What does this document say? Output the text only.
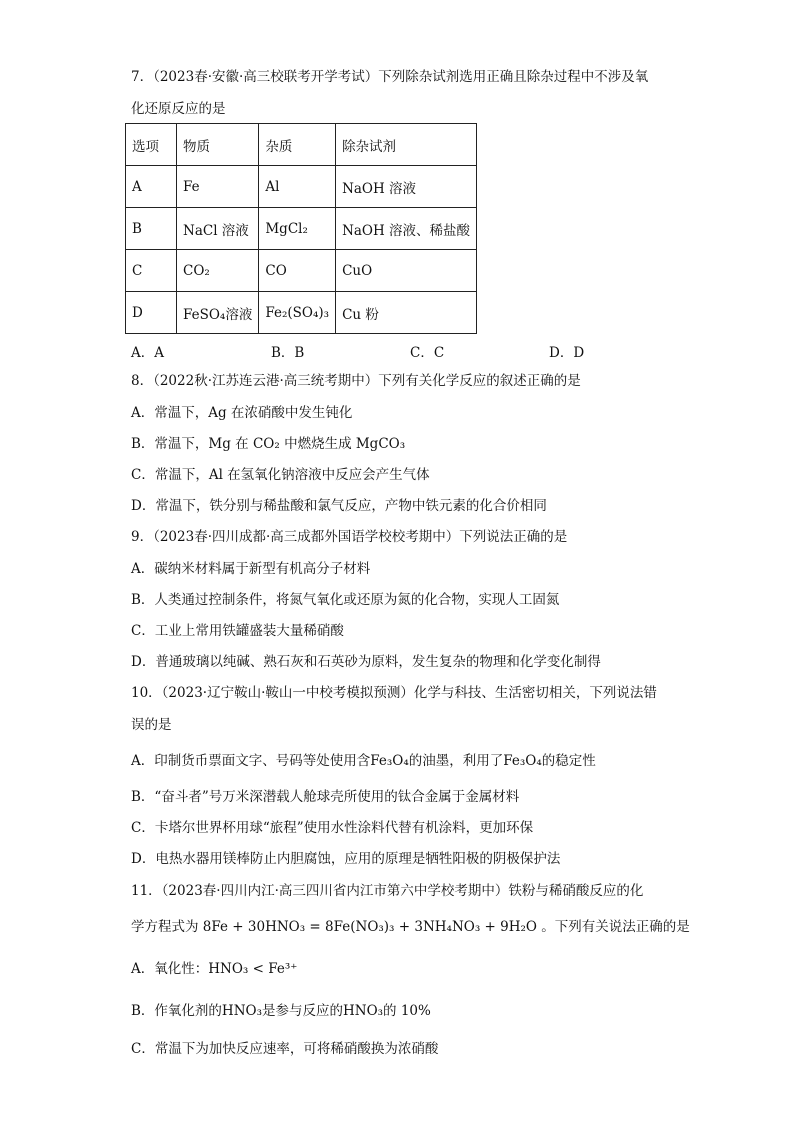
7．（2023春·安徽·高三校联考开学考试）下列除杂试剂选用正确且除杂过程中不涉及氧
化还原反应的是
选项	物质	杂质	除杂试剂
A	Fe	Al	NaOH 溶液
B	NaCl 溶液	MgCl₂	NaOH 溶液、稀盐酸
C	CO₂	CO	CuO
D	FeSO₄溶液	Fe₂(SO₄)₃	Cu 粉
A．A	B．B	C．C	D．D
8．（2022秋·江苏连云港·高三统考期中）下列有关化学反应的叙述正确的是
A．常温下，Ag 在浓硝酸中发生钝化
B．常温下，Mg 在 CO₂ 中燃烧生成 MgCO₃
C．常温下，Al 在氢氧化钠溶液中反应会产生气体
D．常温下，铁分别与稀盐酸和氯气反应，产物中铁元素的化合价相同
9．（2023春·四川成都·高三成都外国语学校校考期中）下列说法正确的是
A．碳纳米材料属于新型有机高分子材料
B．人类通过控制条件，将氮气氧化或还原为氮的化合物，实现人工固氮
C．工业上常用铁罐盛装大量稀硝酸
D．普通玻璃以纯碱、熟石灰和石英砂为原料，发生复杂的物理和化学变化制得
10．（2023·辽宁鞍山·鞍山一中校考模拟预测）化学与科技、生活密切相关，下列说法错
误的是
A．印制货币票面文字、号码等处使用含Fe₃O₄的油墨，利用了Fe₃O₄的稳定性
B．“奋斗者”号万米深潜载人舱球壳所使用的钛合金属于金属材料
C．卡塔尔世界杯用球“旅程”使用水性涂料代替有机涂料，更加环保
D．电热水器用镁棒防止内胆腐蚀，应用的原理是牺牲阳极的阴极保护法
11．（2023春·四川内江·高三四川省内江市第六中学校考期中）铁粉与稀硝酸反应的化
学方程式为 8Fe + 30HNO₃ = 8Fe(NO₃)₃ + 3NH₄NO₃ + 9H₂O 。下列有关说法正确的是
A．氧化性：HNO₃ < Fe³⁺
B．作氧化剂的HNO₃是参与反应的HNO₃的 10%
C．常温下为加快反应速率，可将稀硝酸换为浓硝酸
